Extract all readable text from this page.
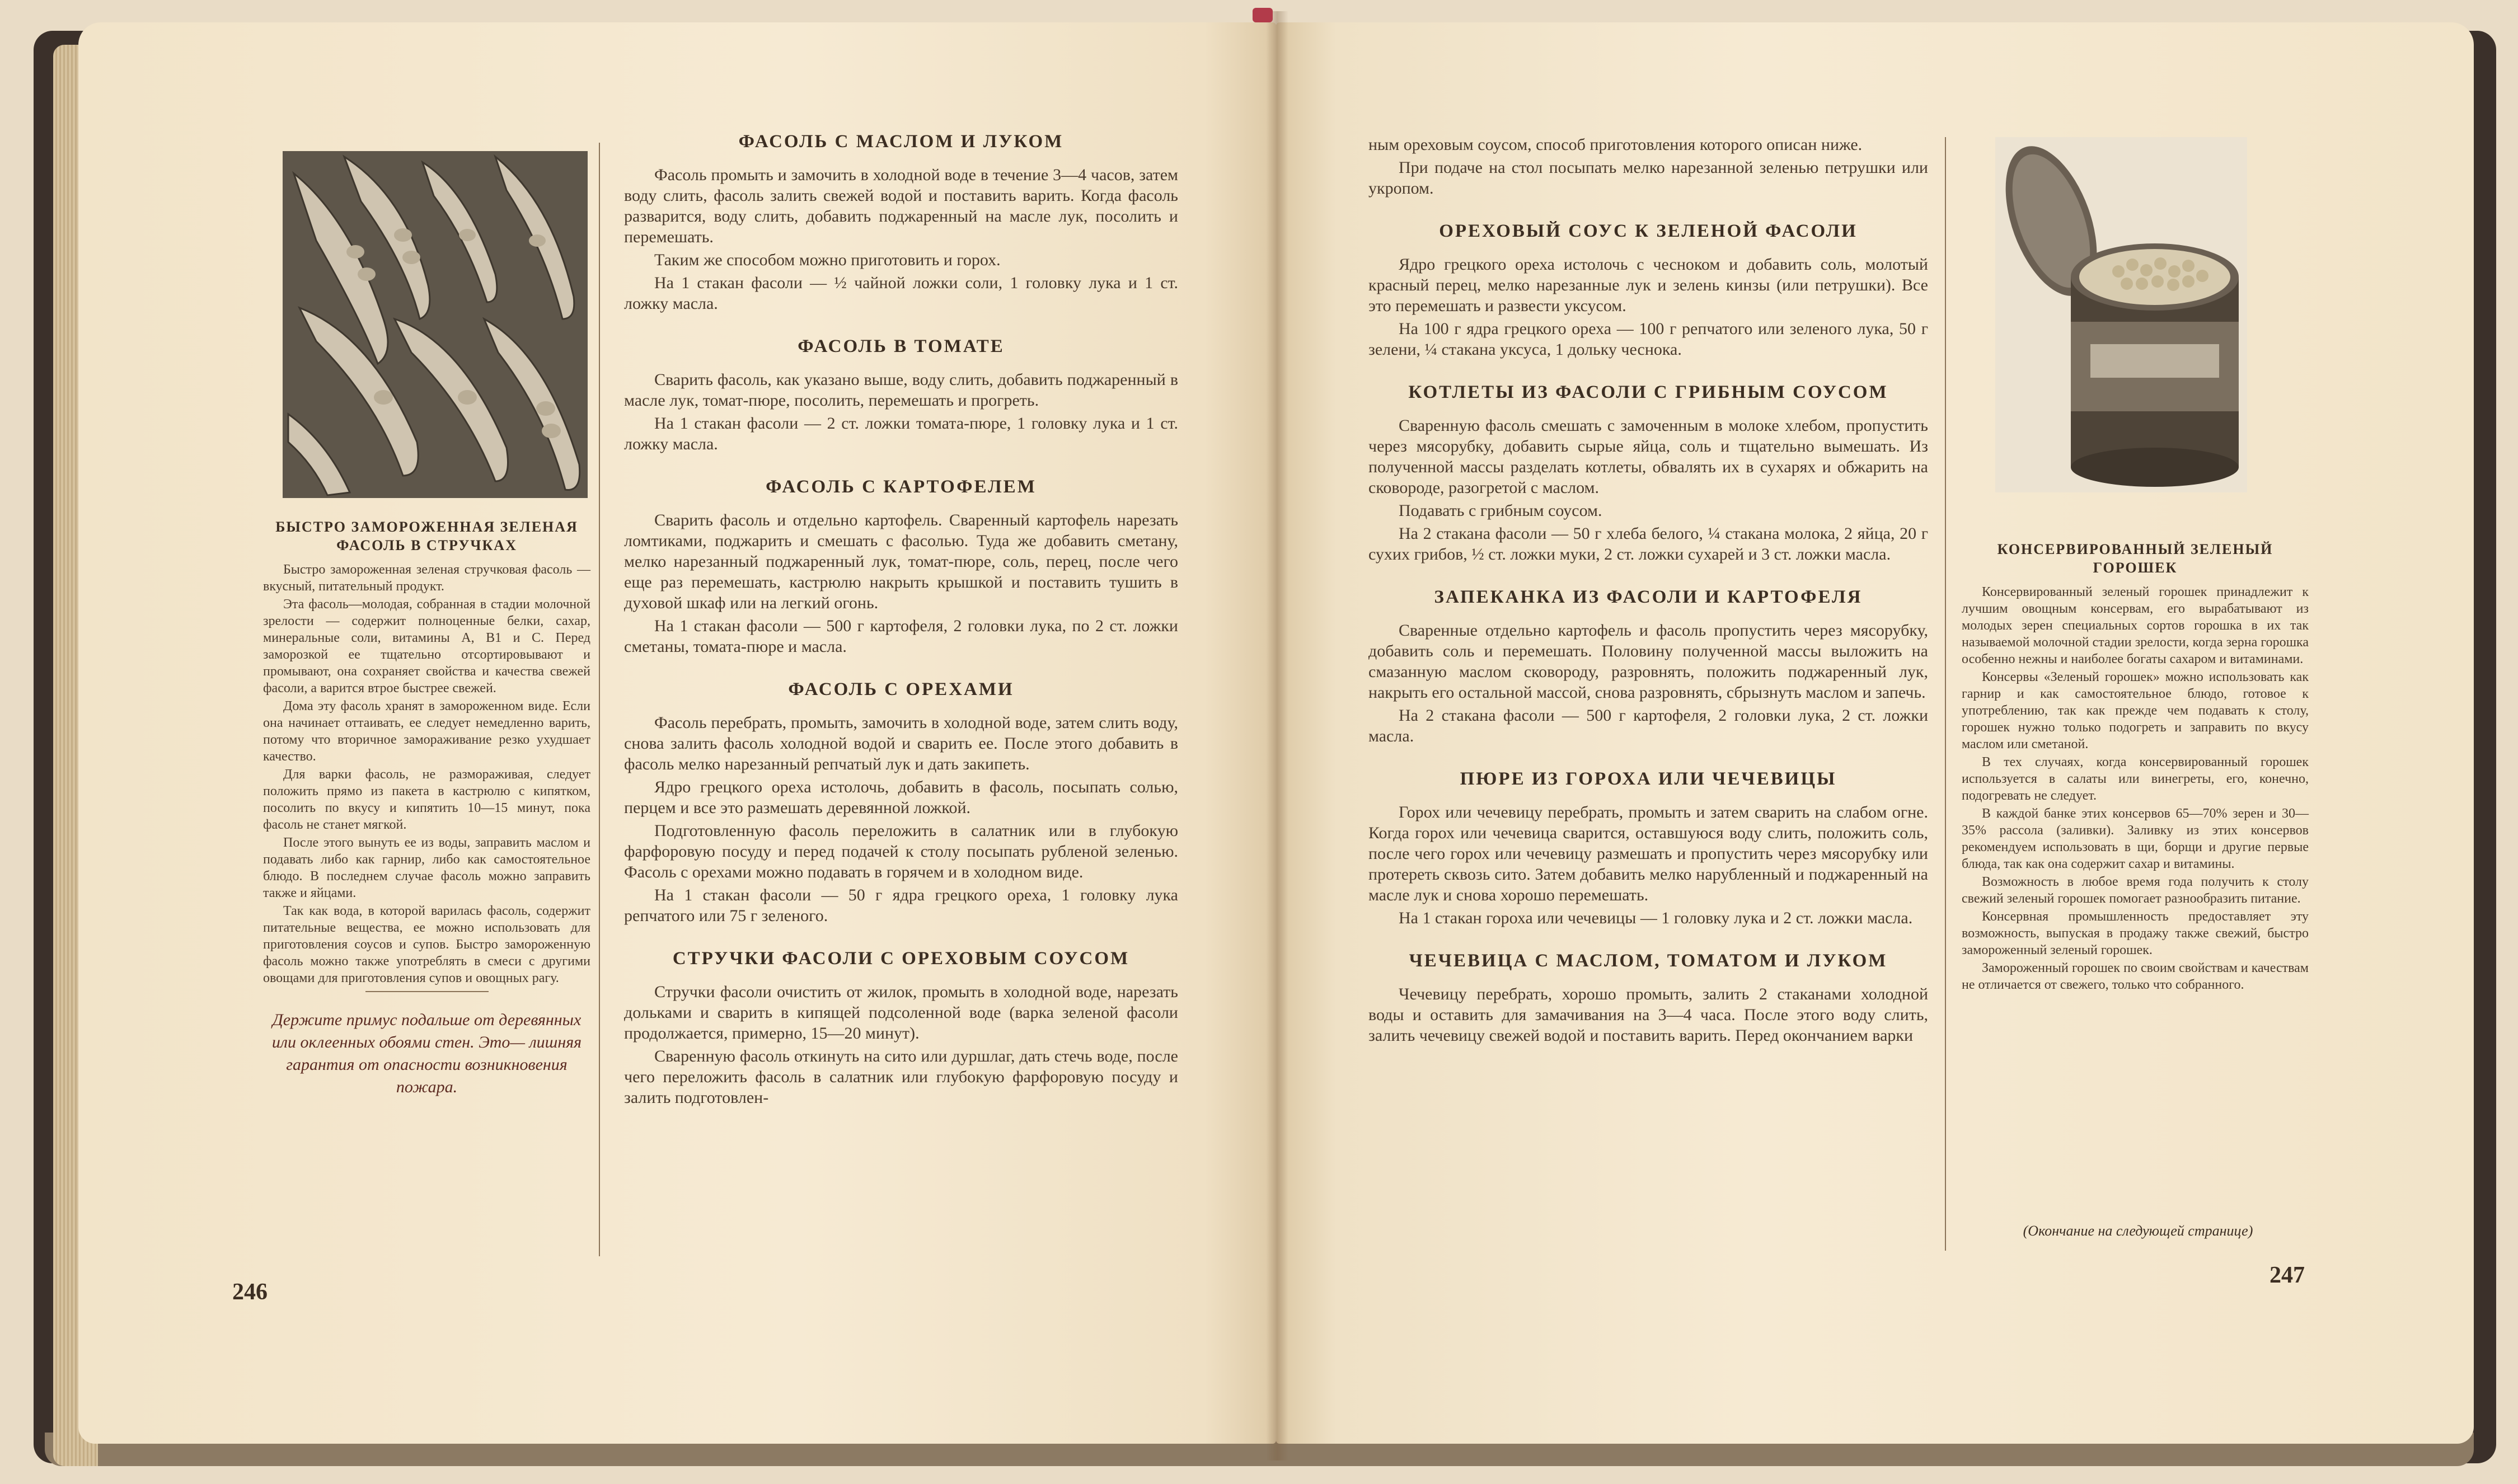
БЫСТРО ЗАМОРОЖЕННАЯ ЗЕЛЕНАЯ ФАСОЛЬ В СТРУЧКАХ
Быстро замороженная зеленая стручковая фасоль — вкусный, питательный продукт.
Эта фасоль—молодая, собранная в стадии молочной зрелости — содержит полноценные белки, сахар, минеральные соли, витамины A, B1 и C. Перед заморозкой ее тщательно отсортировывают и промывают, она сохраняет свойства и качества свежей фасоли, а варится втрое быстрее свежей.
Дома эту фасоль хранят в замороженном виде. Если она начинает оттаивать, ее следует немедленно варить, потому что вторичное замораживание резко ухудшает качество.
Для варки фасоль, не размораживая, следует положить прямо из пакета в кастрюлю с кипятком, посолить по вкусу и кипятить 10—15 минут, пока фасоль не станет мягкой.
После этого вынуть ее из воды, заправить маслом и подавать либо как гарнир, либо как самостоятельное блюдо. В последнем случае фасоль можно заправить также и яйцами.
Так как вода, в которой варилась фасоль, содержит питательные вещества, ее можно использовать для приготовления соусов и супов. Быстро замороженную фасоль можно также употреблять в смеси с другими овощами для приготовления супов и овощных рагу.
Держите примус подальше от деревянных или оклеенных обоями стен. Это— лишняя гарантия от опасности возникновения пожара.
ФАСОЛЬ С МАСЛОМ И ЛУКОМ
Фасоль промыть и замочить в холодной воде в течение 3—4 часов, затем воду слить, фасоль залить свежей водой и поставить варить. Когда фасоль разварится, воду слить, добавить поджаренный на масле лук, посолить и перемешать.
Таким же способом можно приготовить и горох.
На 1 стакан фасоли — ½ чайной ложки соли, 1 головку лука и 1 ст. ложку масла.
ФАСОЛЬ В ТОМАТЕ
Сварить фасоль, как указано выше, воду слить, добавить поджаренный в масле лук, томат-пюре, посолить, перемешать и прогреть.
На 1 стакан фасоли — 2 ст. ложки томата-пюре, 1 головку лука и 1 ст. ложку масла.
ФАСОЛЬ С КАРТОФЕЛЕМ
Сварить фасоль и отдельно картофель. Сваренный картофель нарезать ломтиками, поджарить и смешать с фасолью. Туда же добавить сметану, мелко нарезанный поджаренный лук, томат-пюре, соль, перец, после чего еще раз перемешать, кастрюлю накрыть крышкой и поставить тушить в духовой шкаф или на легкий огонь.
На 1 стакан фасоли — 500 г картофеля, 2 головки лука, по 2 ст. ложки сметаны, томата-пюре и масла.
ФАСОЛЬ С ОРЕХАМИ
Фасоль перебрать, промыть, замочить в холодной воде, затем слить воду, снова залить фасоль холодной водой и сварить ее. После этого добавить в фасоль мелко нарезанный репчатый лук и дать закипеть.
Ядро грецкого ореха истолочь, добавить в фасоль, посыпать солью, перцем и все это размешать деревянной ложкой.
Подготовленную фасоль переложить в салатник или в глубокую фарфоровую посуду и перед подачей к столу посыпать рубленой зеленью. Фасоль с орехами можно подавать в горячем и в холодном виде.
На 1 стакан фасоли — 50 г ядра грецкого ореха, 1 головку лука репчатого или 75 г зеленого.
СТРУЧКИ ФАСОЛИ С ОРЕХОВЫМ СОУСОМ
Стручки фасоли очистить от жилок, промыть в холодной воде, нарезать дольками и сварить в кипящей подсоленной воде (варка зеленой фасоли продолжается, примерно, 15—20 минут).
Сваренную фасоль откинуть на сито или дуршлаг, дать стечь воде, после чего переложить фасоль в салатник или глубокую фарфоровую посуду и залить подготовлен-
246
ным ореховым соусом, способ приготовления которого описан ниже.
При подаче на стол посыпать мелко нарезанной зеленью петрушки или укропом.
ОРЕХОВЫЙ СОУС К ЗЕЛЕНОЙ ФАСОЛИ
Ядро грецкого ореха истолочь с чесноком и добавить соль, молотый красный перец, мелко нарезанные лук и зелень кинзы (или петрушки). Все это перемешать и развести уксусом.
На 100 г ядра грецкого ореха — 100 г репчатого или зеленого лука, 50 г зелени, ¼ стакана уксуса, 1 дольку чеснока.
КОТЛЕТЫ ИЗ ФАСОЛИ С ГРИБНЫМ СОУСОМ
Сваренную фасоль смешать с замоченным в молоке хлебом, пропустить через мясорубку, добавить сырые яйца, соль и тщательно вымешать. Из полученной массы разделать котлеты, обвалять их в сухарях и обжарить на сковороде, разогретой с маслом.
Подавать с грибным соусом.
На 2 стакана фасоли — 50 г хлеба белого, ¼ стакана молока, 2 яйца, 20 г сухих грибов, ½ ст. ложки муки, 2 ст. ложки сухарей и 3 ст. ложки масла.
ЗАПЕКАНКА ИЗ ФАСОЛИ И КАРТОФЕЛЯ
Сваренные отдельно картофель и фасоль пропустить через мясорубку, добавить соль и перемешать. Половину полученной массы выложить на смазанную маслом сковороду, разровнять, положить поджаренный лук, накрыть его остальной массой, снова разровнять, сбрызнуть маслом и запечь.
На 2 стакана фасоли — 500 г картофеля, 2 головки лука, 2 ст. ложки масла.
ПЮРЕ ИЗ ГОРОХА ИЛИ ЧЕЧЕВИЦЫ
Горох или чечевицу перебрать, промыть и затем сварить на слабом огне. Когда горох или чечевица сварится, оставшуюся воду слить, положить соль, после чего горох или чечевицу размешать и пропустить через мясорубку или протереть сквозь сито. Затем добавить мелко нарубленный и поджаренный на масле лук и снова хорошо перемешать.
На 1 стакан гороха или чечевицы — 1 головку лука и 2 ст. ложки масла.
ЧЕЧЕВИЦА С МАСЛОМ, ТОМАТОМ И ЛУКОМ
Чечевицу перебрать, хорошо промыть, залить 2 стаканами холодной воды и оставить для замачивания на 3—4 часа. После этого воду слить, залить чечевицу свежей водой и поставить варить. Перед окончанием варки
КОНСЕРВИРОВАННЫЙ ЗЕЛЕНЫЙ ГОРОШЕК
Консервированный зеленый горошек принадлежит к лучшим овощным консервам, его вырабатывают из молодых зерен специальных сортов горошка в их так называемой молочной стадии зрелости, когда зерна горошка особенно нежны и наиболее богаты сахаром и витаминами.
Консервы «Зеленый горошек» можно использовать как гарнир и как самостоятельное блюдо, готовое к употреблению, так как прежде чем подавать к столу, горошек нужно только подогреть и заправить по вкусу маслом или сметаной.
В тех случаях, когда консервированный горошек используется в салаты или винегреты, его, конечно, подогревать не следует.
В каждой банке этих консервов 65—70% зерен и 30—35% рассола (заливки). Заливку из этих консервов рекомендуем использовать в щи, борщи и другие первые блюда, так как она содержит сахар и витамины.
Возможность в любое время года получить к столу свежий зеленый горошек помогает разнообразить питание.
Консервная промышленность предоставляет эту возможность, выпуская в продажу также свежий, быстро замороженный зеленый горошек.
Замороженный горошек по своим свойствам и качествам не отличается от свежего, только что собранного.
(Окончание на следующей странице)
247
